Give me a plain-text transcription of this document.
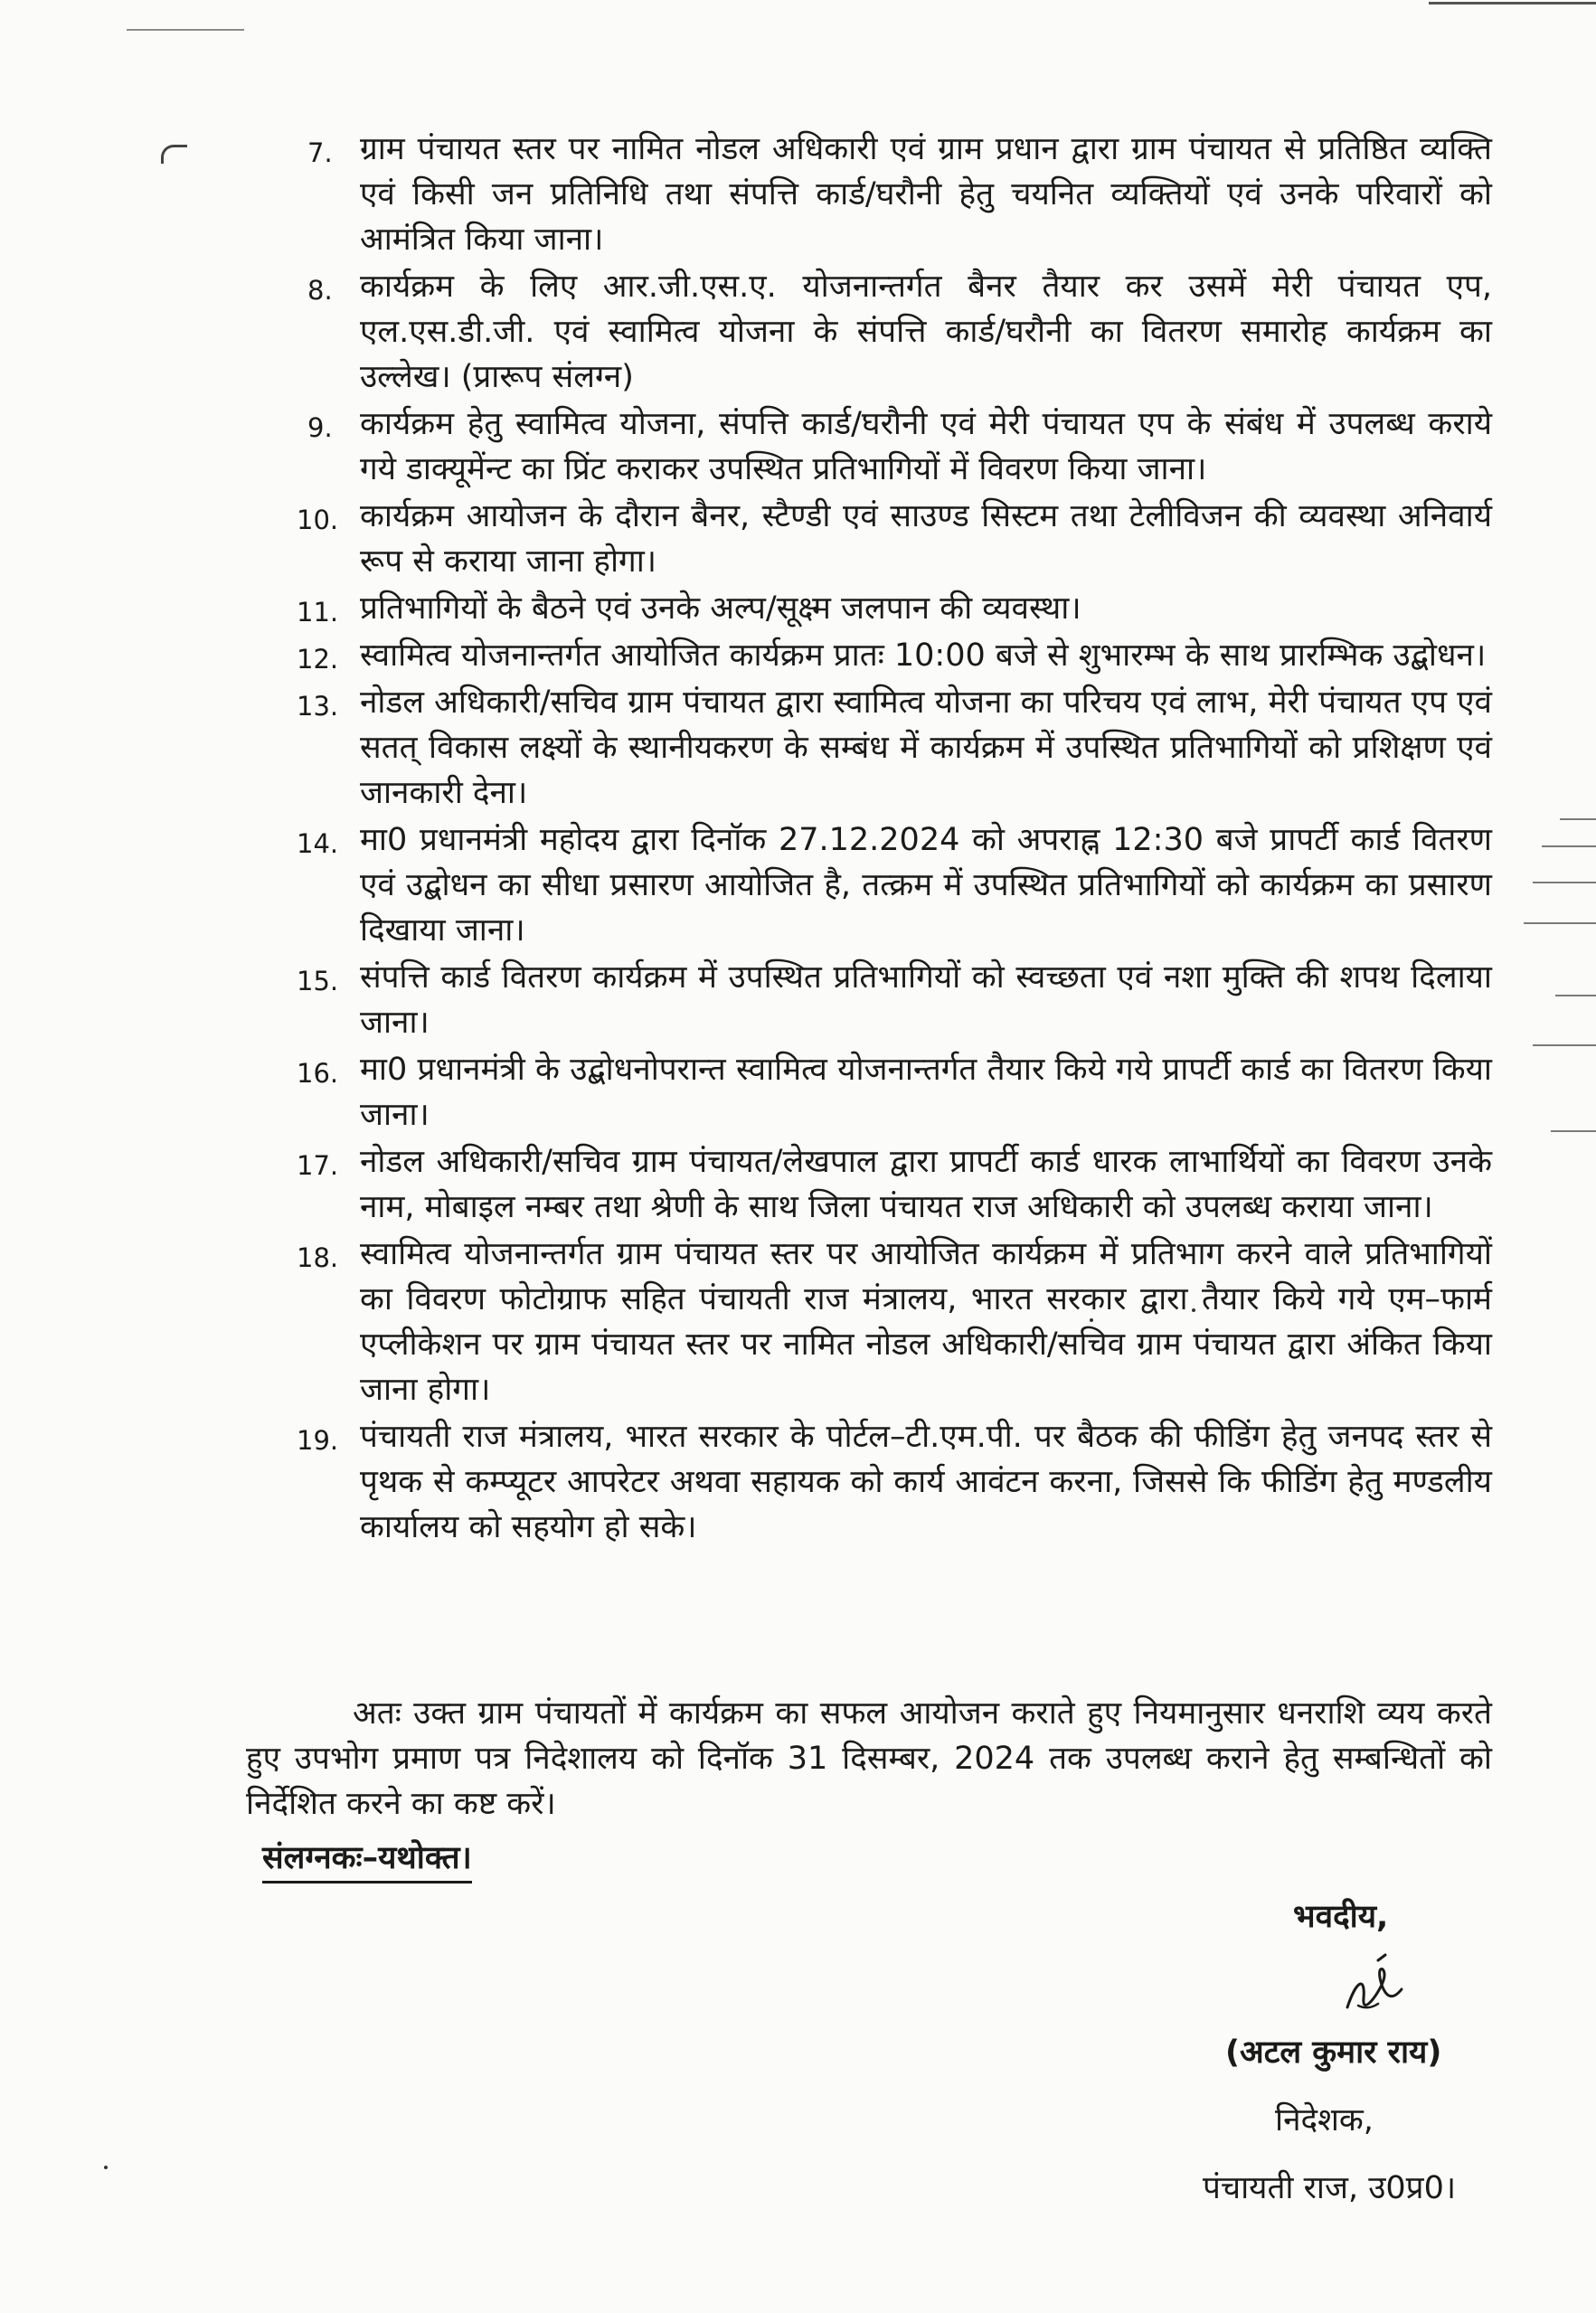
7. ग्राम पंचायत स्तर पर नामित नोडल अधिकारी एवं ग्राम प्रधान द्वारा ग्राम पंचायत से प्रतिष्ठित व्यक्ति एवं किसी जन प्रतिनिधि तथा संपत्ति कार्ड/घरौनी हेतु चयनित व्यक्तियों एवं उनके परिवारों को आमंत्रित किया जाना।
8. कार्यक्रम के लिए आर.जी.एस.ए. योजनान्तर्गत बैनर तैयार कर उसमें मेरी पंचायत एप, एल.एस.डी.जी. एवं स्वामित्व योजना के संपत्ति कार्ड/घरौनी का वितरण समारोह कार्यक्रम का उल्लेख। (प्रारूप संलग्न)
9. कार्यक्रम हेतु स्वामित्व योजना, संपत्ति कार्ड/घरौनी एवं मेरी पंचायत एप के संबंध में उपलब्ध कराये गये डाक्यूमेंन्ट का प्रिंट कराकर उपस्थित प्रतिभागियों में विवरण किया जाना।
10. कार्यक्रम आयोजन के दौरान बैनर, स्टैण्डी एवं साउण्ड सिस्टम तथा टेलीविजन की व्यवस्था अनिवार्य रूप से कराया जाना होगा।
11. प्रतिभागियों के बैठने एवं उनके अल्प/सूक्ष्म जलपान की व्यवस्था।
12. स्वामित्व योजनान्तर्गत आयोजित कार्यक्रम प्रातः 10:00 बजे से शुभारम्भ के साथ प्रारम्भिक उद्बोधन।
13. नोडल अधिकारी/सचिव ग्राम पंचायत द्वारा स्वामित्व योजना का परिचय एवं लाभ, मेरी पंचायत एप एवं सतत् विकास लक्ष्यों के स्थानीयकरण के सम्बंध में कार्यक्रम में उपस्थित प्रतिभागियों को प्रशिक्षण एवं जानकारी देना।
14. मा0 प्रधानमंत्री महोदय द्वारा दिनॉक 27.12.2024 को अपराह्न 12:30 बजे प्रापर्टी कार्ड वितरण एवं उद्बोधन का सीधा प्रसारण आयोजित है, तत्क्रम में उपस्थित प्रतिभागियों को कार्यक्रम का प्रसारण दिखाया जाना।
15. संपत्ति कार्ड वितरण कार्यक्रम में उपस्थित प्रतिभागियों को स्वच्छता एवं नशा मुक्ति की शपथ दिलाया जाना।
16. मा0 प्रधानमंत्री के उद्बोधनोपरान्त स्वामित्व योजनान्तर्गत तैयार किये गये प्रापर्टी कार्ड का वितरण किया जाना।
17. नोडल अधिकारी/सचिव ग्राम पंचायत/लेखपाल द्वारा प्रापर्टी कार्ड धारक लाभार्थियों का विवरण उनके नाम, मोबाइल नम्बर तथा श्रेणी के साथ जिला पंचायत राज अधिकारी को उपलब्ध कराया जाना।
18. स्वामित्व योजनान्तर्गत ग्राम पंचायत स्तर पर आयोजित कार्यक्रम में प्रतिभाग करने वाले प्रतिभागियों का विवरण फोटोग्राफ सहित पंचायती राज मंत्रालय, भारत सरकार द्वारा तैयार किये गये एम–फार्म एप्लीकेशन पर ग्राम पंचायत स्तर पर नामित नोडल अधिकारी/सचिव ग्राम पंचायत द्वारा अंकित किया जाना होगा।
19. पंचायती राज मंत्रालय, भारत सरकार के पोर्टल–टी.एम.पी. पर बैठक की फीडिंग हेतु जनपद स्तर से पृथक से कम्प्यूटर आपरेटर अथवा सहायक को कार्य आवंटन करना, जिससे कि फीडिंग हेतु मण्डलीय कार्यालय को सहयोग हो सके।

अतः उक्त ग्राम पंचायतों में कार्यक्रम का सफल आयोजन कराते हुए नियमानुसार धनराशि व्यय करते हुए उपभोग प्रमाण पत्र निदेशालय को दिनॉक 31 दिसम्बर, 2024 तक उपलब्ध कराने हेतु सम्बन्धितों को निर्देशित करने का कष्ट करें।

संलग्नकः–यथोक्त।
भवदीय,
(अटल कुमार राय)
निदेशक,
पंचायती राज, उ0प्र0।
